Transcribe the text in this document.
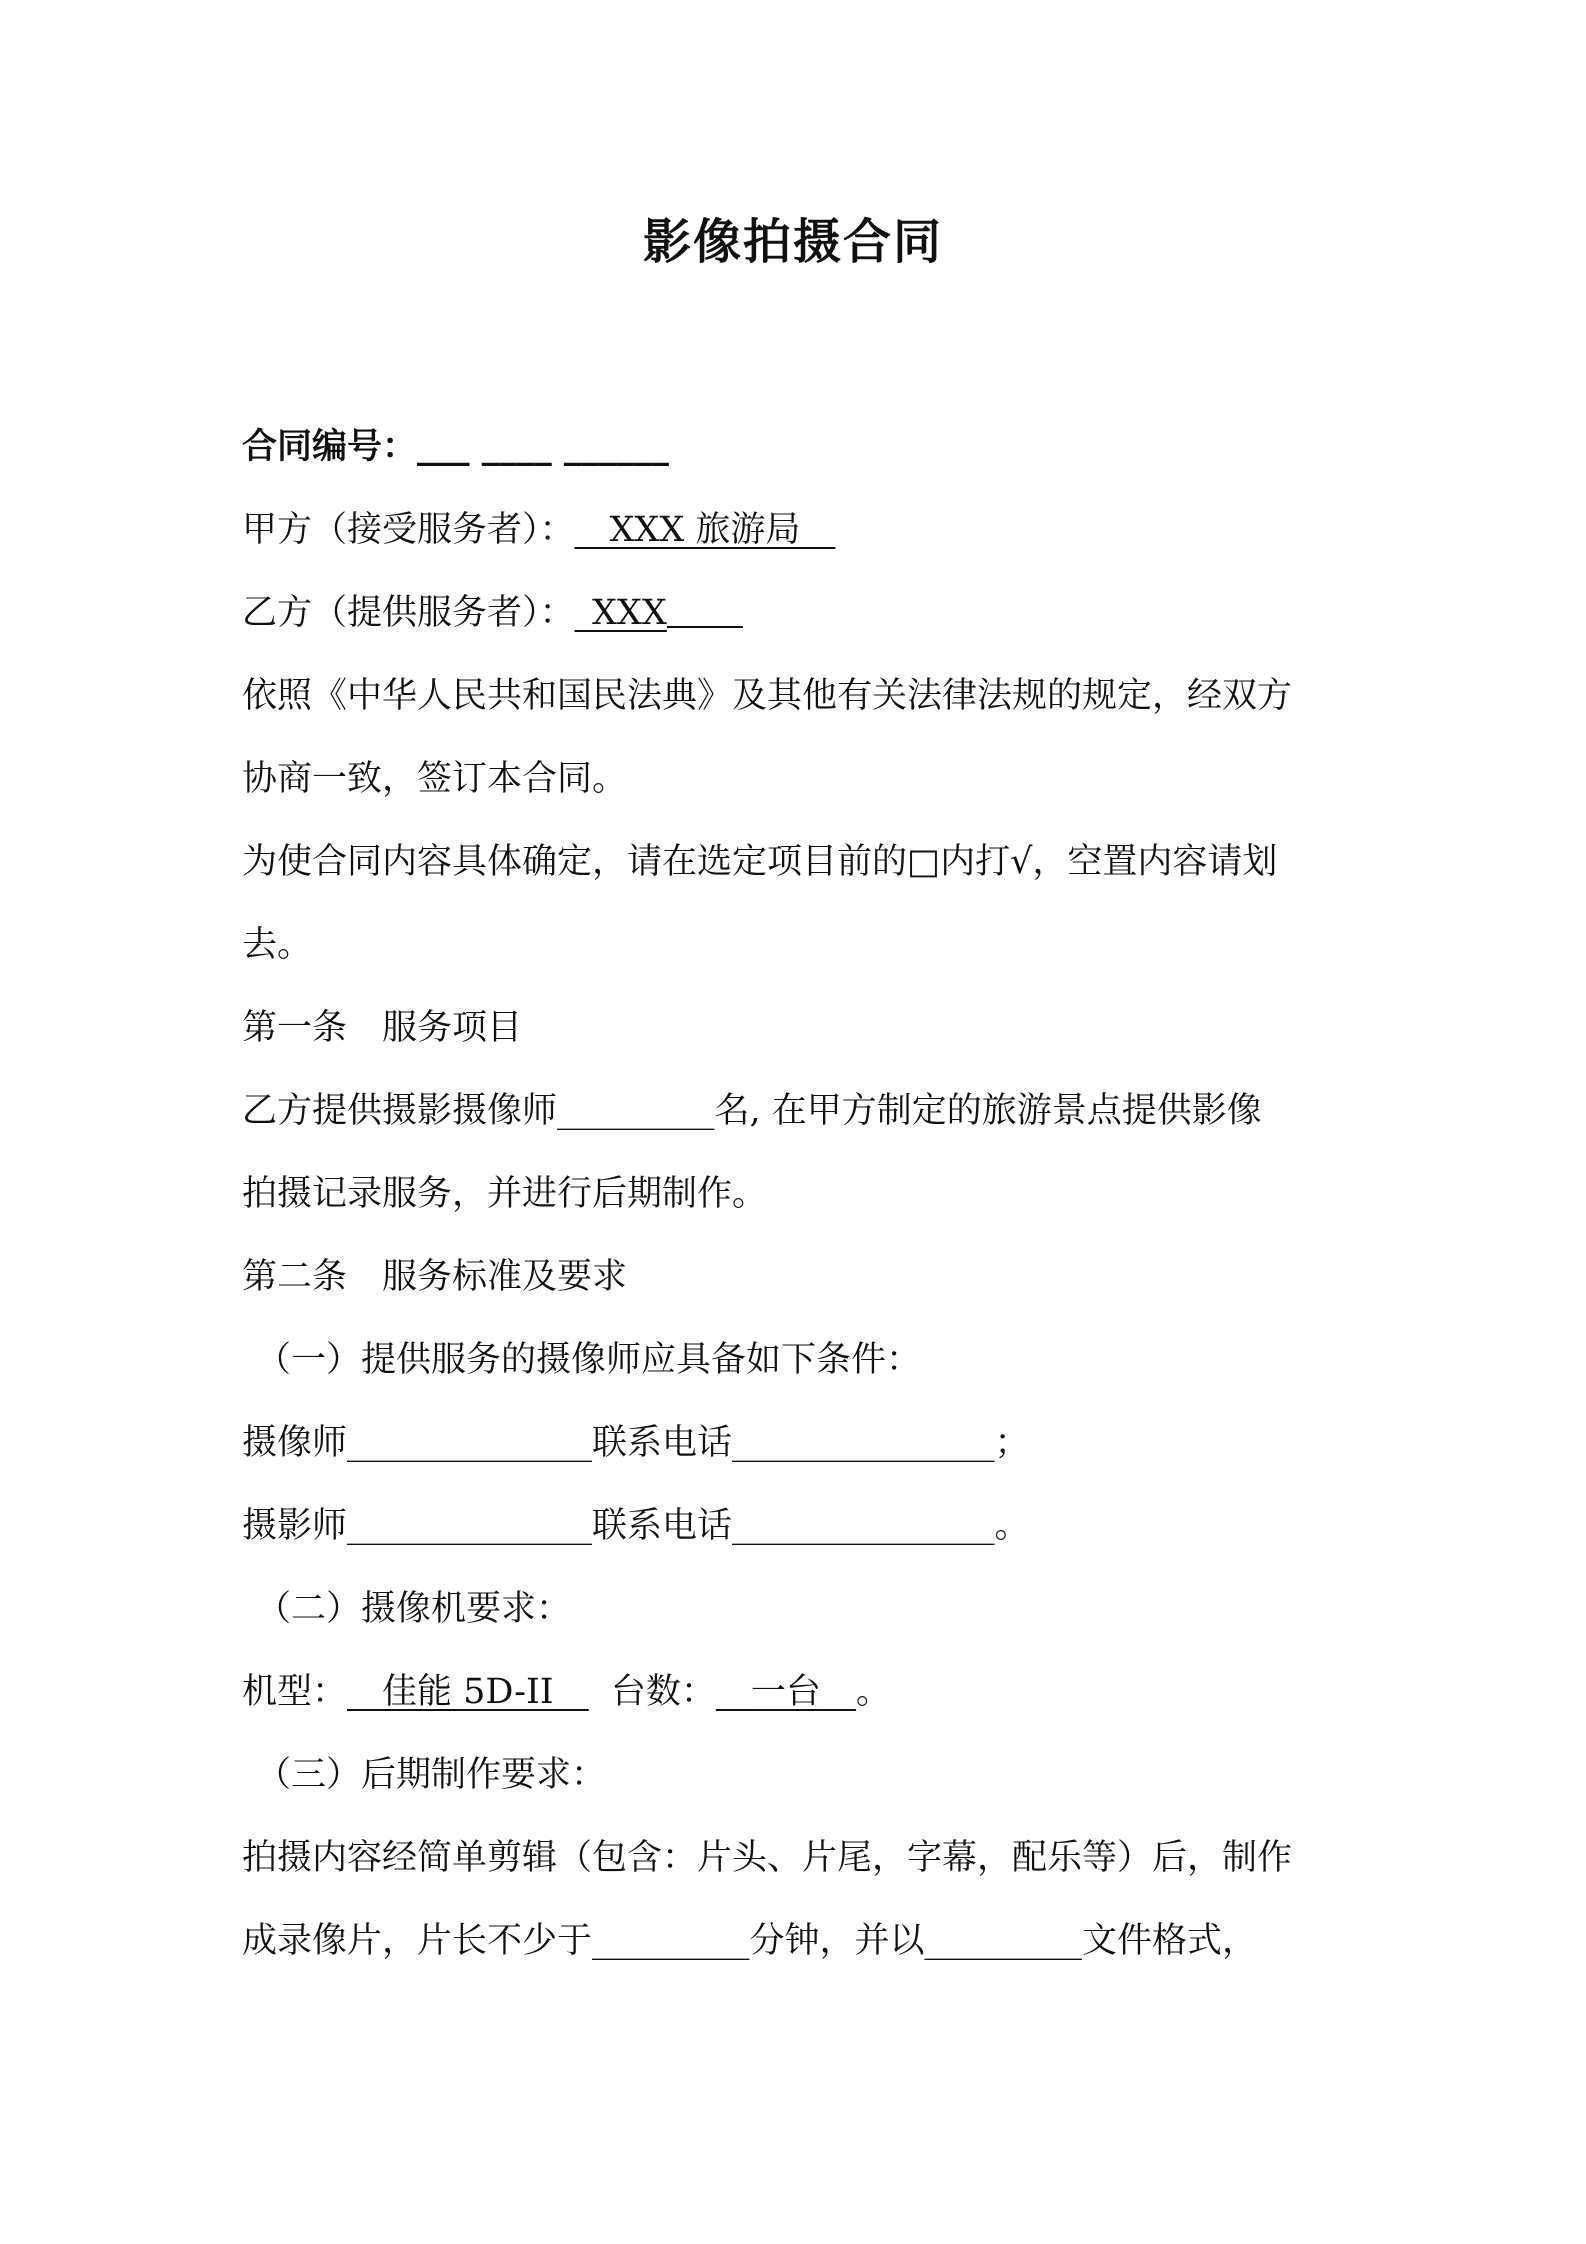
影像拍摄合同
合同编号：___ ____ ______
甲方（接受服务者）：__XXX 旅游局__
乙方（提供服务者）：_XXX
依照《中华人民共和国民法典》及其他有关法律法规的规定，经双方
协商一致，签订本合同。
为使合同内容具体确定，请在选定项目前的□内打√，空置内容请划
去。
第一条　服务项目
乙方提供摄影摄像师_________名, 在甲方制定的旅游景点提供影像
拍摄记录服务，并进行后期制作。
第二条　服务标准及要求
（一）提供服务的摄像师应具备如下条件：
摄像师______________联系电话_______________；
摄影师______________联系电话_______________。
（二）摄像机要求：
机型：__佳能 5D-II__ 台数：__一台__。
（三）后期制作要求：
拍摄内容经简单剪辑（包含：片头、片尾，字幕，配乐等）后，制作
成录像片，片长不少于_________分钟，并以_________文件格式，
